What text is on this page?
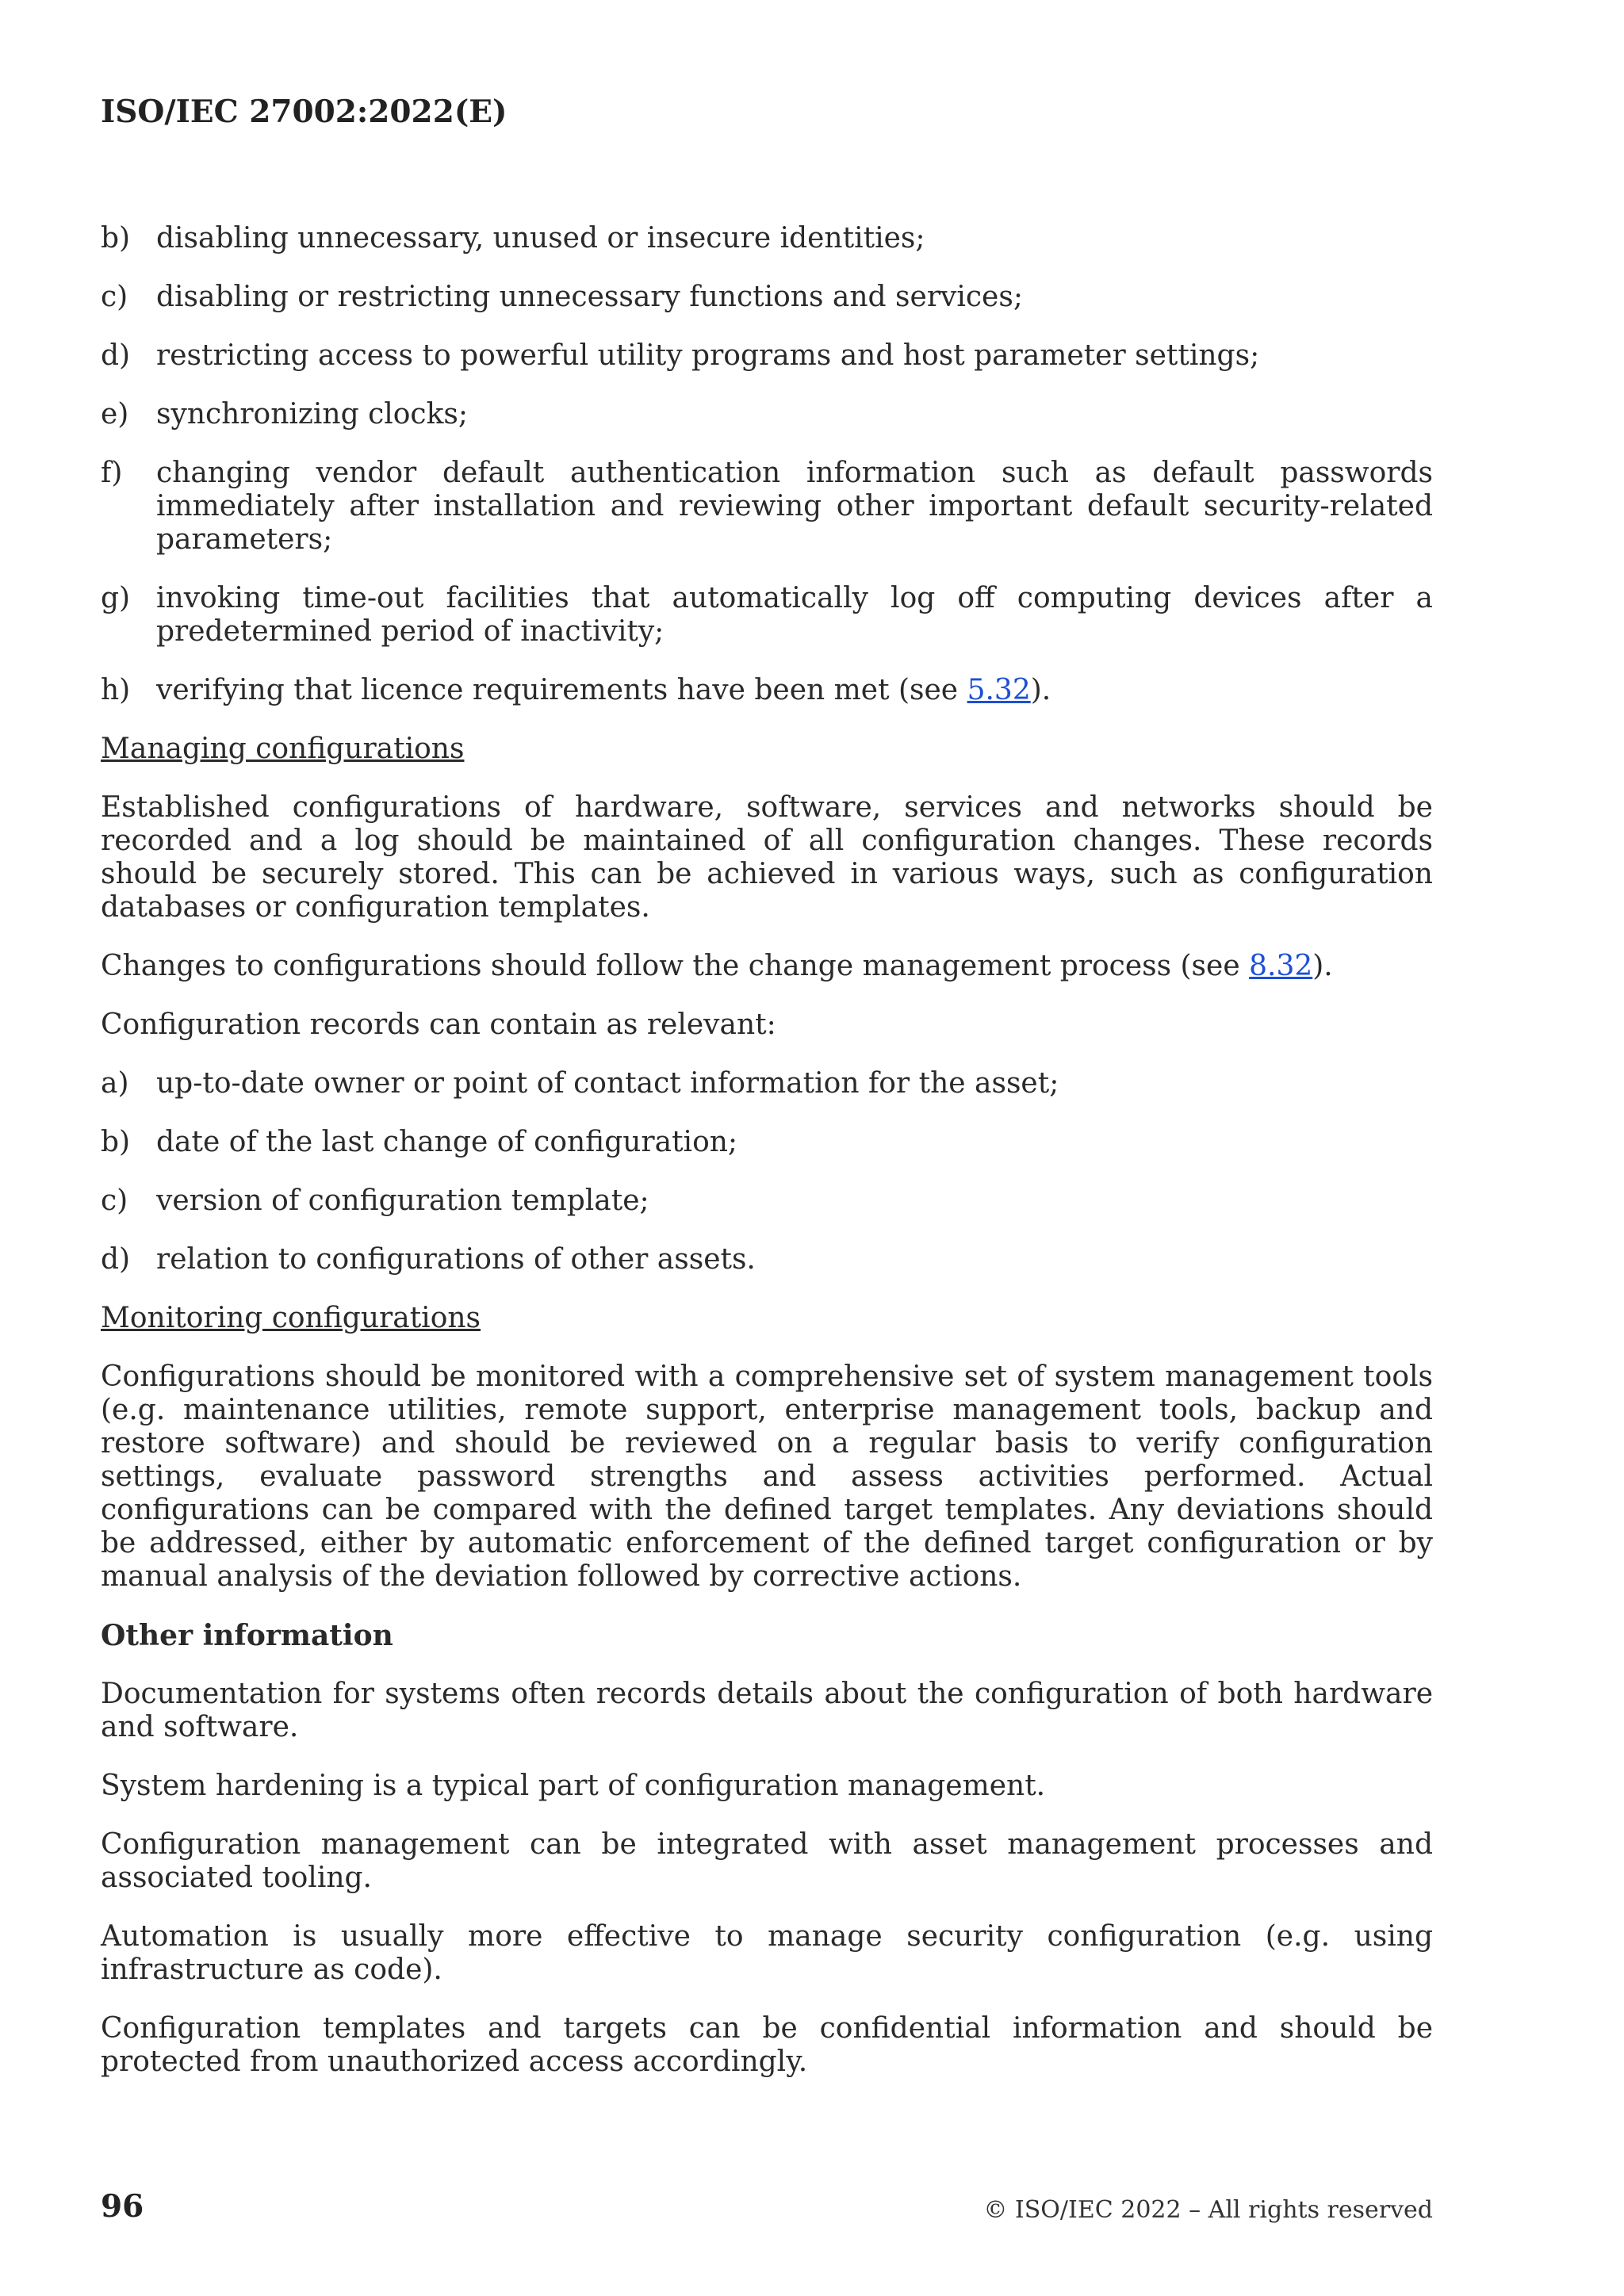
ISO/IEC 27002:2022(E)
b) disabling unnecessary, unused or insecure identities;
c) disabling or restricting unnecessary functions and services;
d) restricting access to powerful utility programs and host parameter settings;
e) synchronizing clocks;
f)	changing vendor default authentication information such as default passwords immediately after installation and reviewing other important default security-related parameters;
g) invoking time-out facilities that automatically log off computing devices after a predetermined period of inactivity;
h) verifying that licence requirements have been met (see 5.32).
Managing configurations

Established configurations of hardware, software, services and networks should be recorded and a log should be maintained of all configuration changes. These records should be securely stored. This can be achieved in various ways, such as configuration databases or configuration templates.

Changes to configurations should follow the change management process (see 8.32).

Configuration records can contain as relevant:

a) up-to-date owner or point of contact information for the asset;
b) date of the last change of configuration;
c) version of configuration template;
d) relation to configurations of other assets.
Monitoring configurations

Configurations should be monitored with a comprehensive set of system management tools (e.g. maintenance utilities, remote support, enterprise management tools, backup and restore software) and should be reviewed on a regular basis to verify configuration settings, evaluate password strengths and assess activities performed. Actual configurations can be compared with the defined target templates. Any deviations should be addressed, either by automatic enforcement of the defined target configuration or by manual analysis of the deviation followed by corrective actions.

Other information

Documentation for systems often records details about the configuration of both hardware and software.

System hardening is a typical part of configuration management.

Configuration management can be integrated with asset management processes and associated tooling.

Automation is usually more effective to manage security configuration (e.g. using infrastructure as code).

Configuration templates and targets can be confidential information and should be protected from unauthorized access accordingly.

96	© ISO/IEC 2022 – All rights reserved
